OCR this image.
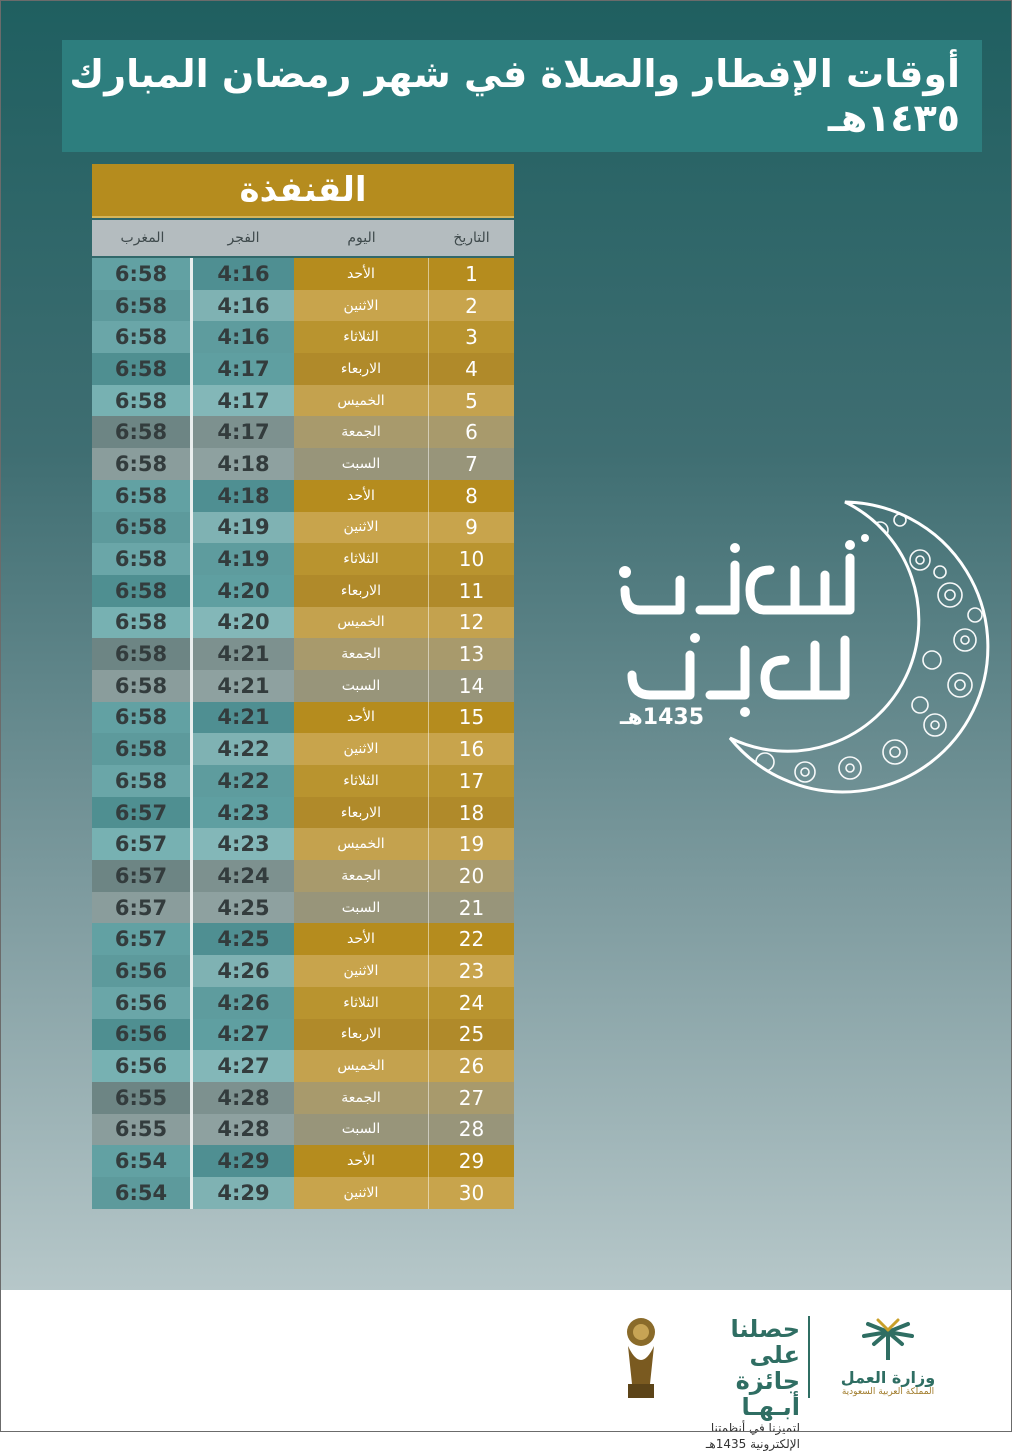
أوقات الإفطار والصلاة في شهر رمضان المبارك ١٤٣٥هـ
القنفذة
المغرب	الفجر	اليوم	التاريخ
6:58	4:16	الأحد	1
6:58	4:16	الاثنين	2
6:58	4:16	الثلاثاء	3
6:58	4:17	الاربعاء	4
6:58	4:17	الخميس	5
6:58	4:17	الجمعة	6
6:58	4:18	السبت	7
6:58	4:18	الأحد	8
6:58	4:19	الاثنين	9
6:58	4:19	الثلاثاء	10
6:58	4:20	الاربعاء	11
6:58	4:20	الخميس	12
6:58	4:21	الجمعة	13
6:58	4:21	السبت	14
6:58	4:21	الأحد	15
6:58	4:22	الاثنين	16
6:58	4:22	الثلاثاء	17
6:57	4:23	الاربعاء	18
6:57	4:23	الخميس	19
6:57	4:24	الجمعة	20
6:57	4:25	السبت	21
6:57	4:25	الأحد	22
6:56	4:26	الاثنين	23
6:56	4:26	الثلاثاء	24
6:56	4:27	الاربعاء	25
6:56	4:27	الخميس	26
6:55	4:28	الجمعة	27
6:55	4:28	السبت	28
6:54	4:29	الأحد	29
6:54	4:29	الاثنين	30
1435هـ
حصلنا على
جائزة أبـهـا
لتميزنا في أنظمتنا
الإلكترونية 1435هـ
وزارة العمل
المملكة العربية السعودية
